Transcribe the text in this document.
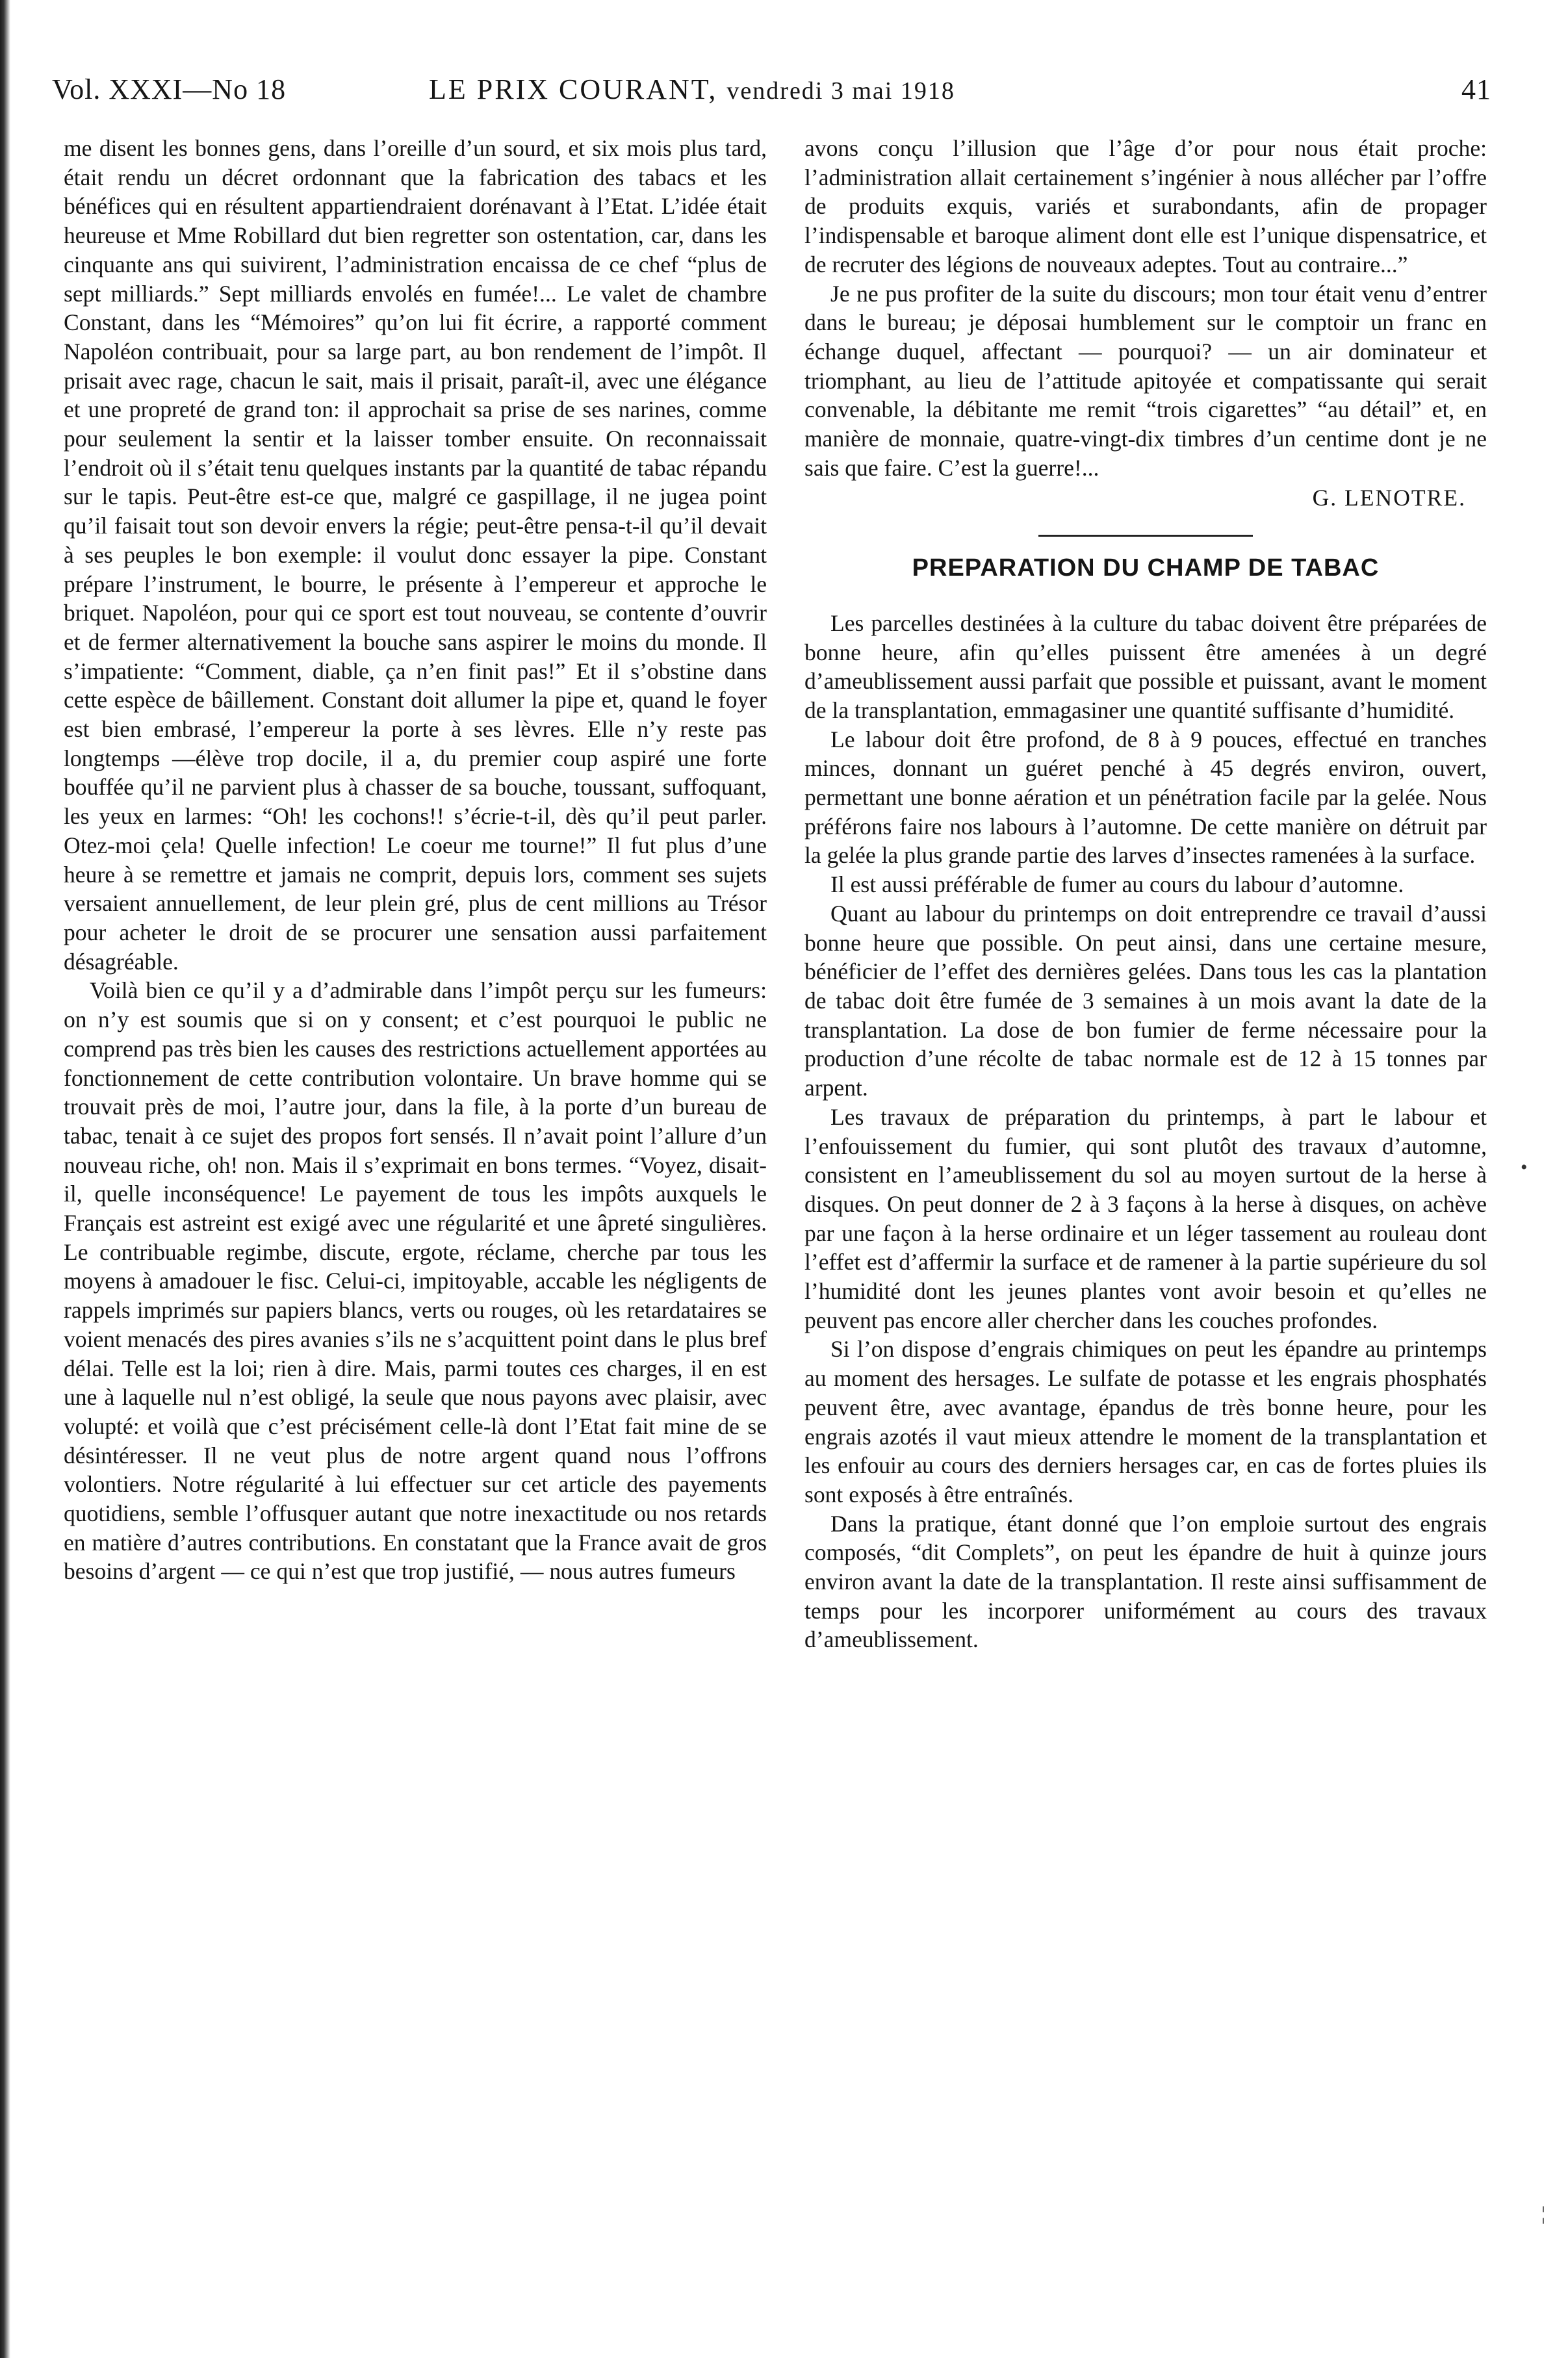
Vol. XXXI—No 18	LE PRIX COURANT, vendredi 3 mai 1918	41

me disent les bonnes gens, dans l’oreille d’un sourd, et six mois plus tard, était rendu un décret ordonnant que la fabrication des tabacs et les bénéfices qui en résultent appartiendraient dorénavant à l’Etat. L’idée était heureuse et Mme Robillard dut bien regretter son ostentation, car, dans les cinquante ans qui suivirent, l’administration encaissa de ce chef “plus de sept milliards.” Sept milliards envolés en fumée!... Le valet de chambre Constant, dans les “Mémoires” qu’on lui fit écrire, a rapporté comment Napoléon contribuait, pour sa large part, au bon rendement de l’impôt. Il prisait avec rage, chacun le sait, mais il prisait, paraît-il, avec une élégance et une propreté de grand ton: il approchait sa prise de ses narines, comme pour seulement la sentir et la laisser tomber ensuite. On reconnaissait l’endroit où il s’était tenu quelques instants par la quantité de tabac répandu sur le tapis. Peut-être est-ce que, malgré ce gaspillage, il ne jugea point qu’il faisait tout son devoir envers la régie; peut-être pensa-t-il qu’il devait à ses peuples le bon exemple: il voulut donc essayer la pipe. Constant prépare l’instrument, le bourre, le présente à l’empereur et approche le briquet. Napoléon, pour qui ce sport est tout nouveau, se contente d’ouvrir et de fermer alternativement la bouche sans aspirer le moins du monde. Il s’impatiente: “Comment, diable, ça n’en finit pas!” Et il s’obstine dans cette espèce de bâillement. Constant doit allumer la pipe et, quand le foyer est bien embrasé, l’empereur la porte à ses lèvres. Elle n’y reste pas longtemps —élève trop docile, il a, du premier coup aspiré une forte bouffée qu’il ne parvient plus à chasser de sa bouche, toussant, suffoquant, les yeux en larmes: “Oh! les cochons!! s’écrie-t-il, dès qu’il peut parler. Otez-moi çela! Quelle infection! Le coeur me tourne!” Il fut plus d’une heure à se remettre et jamais ne comprit, depuis lors, comment ses sujets versaient annuellement, de leur plein gré, plus de cent millions au Trésor pour acheter le droit de se procurer une sensation aussi parfaitement désagréable.

Voilà bien ce qu’il y a d’admirable dans l’impôt perçu sur les fumeurs: on n’y est soumis que si on y consent; et c’est pourquoi le public ne comprend pas très bien les causes des restrictions actuellement apportées au fonctionnement de cette contribution volontaire. Un brave homme qui se trouvait près de moi, l’autre jour, dans la file, à la porte d’un bureau de tabac, tenait à ce sujet des propos fort sensés. Il n’avait point l’allure d’un nouveau riche, oh! non. Mais il s’exprimait en bons termes. “Voyez, disait-il, quelle inconséquence! Le payement de tous les impôts auxquels le Français est astreint est exigé avec une régularité et une âpreté singulières. Le contribuable regimbe, discute, ergote, réclame, cherche par tous les moyens à amadouer le fisc. Celui-ci, impitoyable, accable les négligents de rappels imprimés sur papiers blancs, verts ou rouges, où les retardataires se voient menacés des pires avanies s’ils ne s’acquittent point dans le plus bref délai. Telle est la loi; rien à dire. Mais, parmi toutes ces charges, il en est une à laquelle nul n’est obligé, la seule que nous payons avec plaisir, avec volupté: et voilà que c’est précisément celle-là dont l’Etat fait mine de se désintéresser. Il ne veut plus de notre argent quand nous l’offrons volontiers. Notre régularité à lui effectuer sur cet article des payements quotidiens, semble l’offusquer autant que notre inexactitude ou nos retards en matière d’autres contributions. En constatant que la France avait de gros besoins d’argent — ce qui n’est que trop justifié, — nous autres fumeurs

avons conçu l’illusion que l’âge d’or pour nous était proche: l’administration allait certainement s’ingénier à nous allécher par l’offre de produits exquis, variés et surabondants, afin de propager l’indispensable et baroque aliment dont elle est l’unique dispensatrice, et de recruter des légions de nouveaux adeptes. Tout au contraire...”

Je ne pus profiter de la suite du discours; mon tour était venu d’entrer dans le bureau; je déposai humblement sur le comptoir un franc en échange duquel, affectant — pourquoi? — un air dominateur et triomphant, au lieu de l’attitude apitoyée et compatissante qui serait convenable, la débitante me remit “trois cigarettes” “au détail” et, en manière de monnaie, quatre-vingt-dix timbres d’un centime dont je ne sais que faire. C’est la guerre!...

G. LENOTRE.
PREPARATION DU CHAMP DE TABAC

Les parcelles destinées à la culture du tabac doivent être préparées de bonne heure, afin qu’elles puissent être amenées à un degré d’ameublissement aussi parfait que possible et puissant, avant le moment de la transplantation, emmagasiner une quantité suffisante d’humidité.

Le labour doit être profond, de 8 à 9 pouces, effectué en tranches minces, donnant un guéret penché à 45 degrés environ, ouvert, permettant une bonne aération et un pénétration facile par la gelée. Nous préférons faire nos labours à l’automne. De cette manière on détruit par la gelée la plus grande partie des larves d’insectes ramenées à la surface.

Il est aussi préférable de fumer au cours du labour d’automne.

Quant au labour du printemps on doit entreprendre ce travail d’aussi bonne heure que possible. On peut ainsi, dans une certaine mesure, bénéficier de l’effet des dernières gelées. Dans tous les cas la plantation de tabac doit être fumée de 3 semaines à un mois avant la date de la transplantation. La dose de bon fumier de ferme nécessaire pour la production d’une récolte de tabac normale est de 12 à 15 tonnes par arpent.

Les travaux de préparation du printemps, à part le labour et l’enfouissement du fumier, qui sont plutôt des travaux d’automne, consistent en l’ameublissement du sol au moyen surtout de la herse à disques. On peut donner de 2 à 3 façons à la herse à disques, on achève par une façon à la herse ordinaire et un léger tassement au rouleau dont l’effet est d’affermir la surface et de ramener à la partie supérieure du sol l’humidité dont les jeunes plantes vont avoir besoin et qu’elles ne peuvent pas encore aller chercher dans les couches profondes.

Si l’on dispose d’engrais chimiques on peut les épandre au printemps au moment des hersages. Le sulfate de potasse et les engrais phosphatés peuvent être, avec avantage, épandus de très bonne heure, pour les engrais azotés il vaut mieux attendre le moment de la transplantation et les enfouir au cours des derniers hersages car, en cas de fortes pluies ils sont exposés à être entraînés.

Dans la pratique, étant donné que l’on emploie surtout des engrais composés, “dit Complets”, on peut les épandre de huit à quinze jours environ avant la date de la transplantation. Il reste ainsi suffisamment de temps pour les incorporer uniformément au cours des travaux d’ameublissement.

•
¦
